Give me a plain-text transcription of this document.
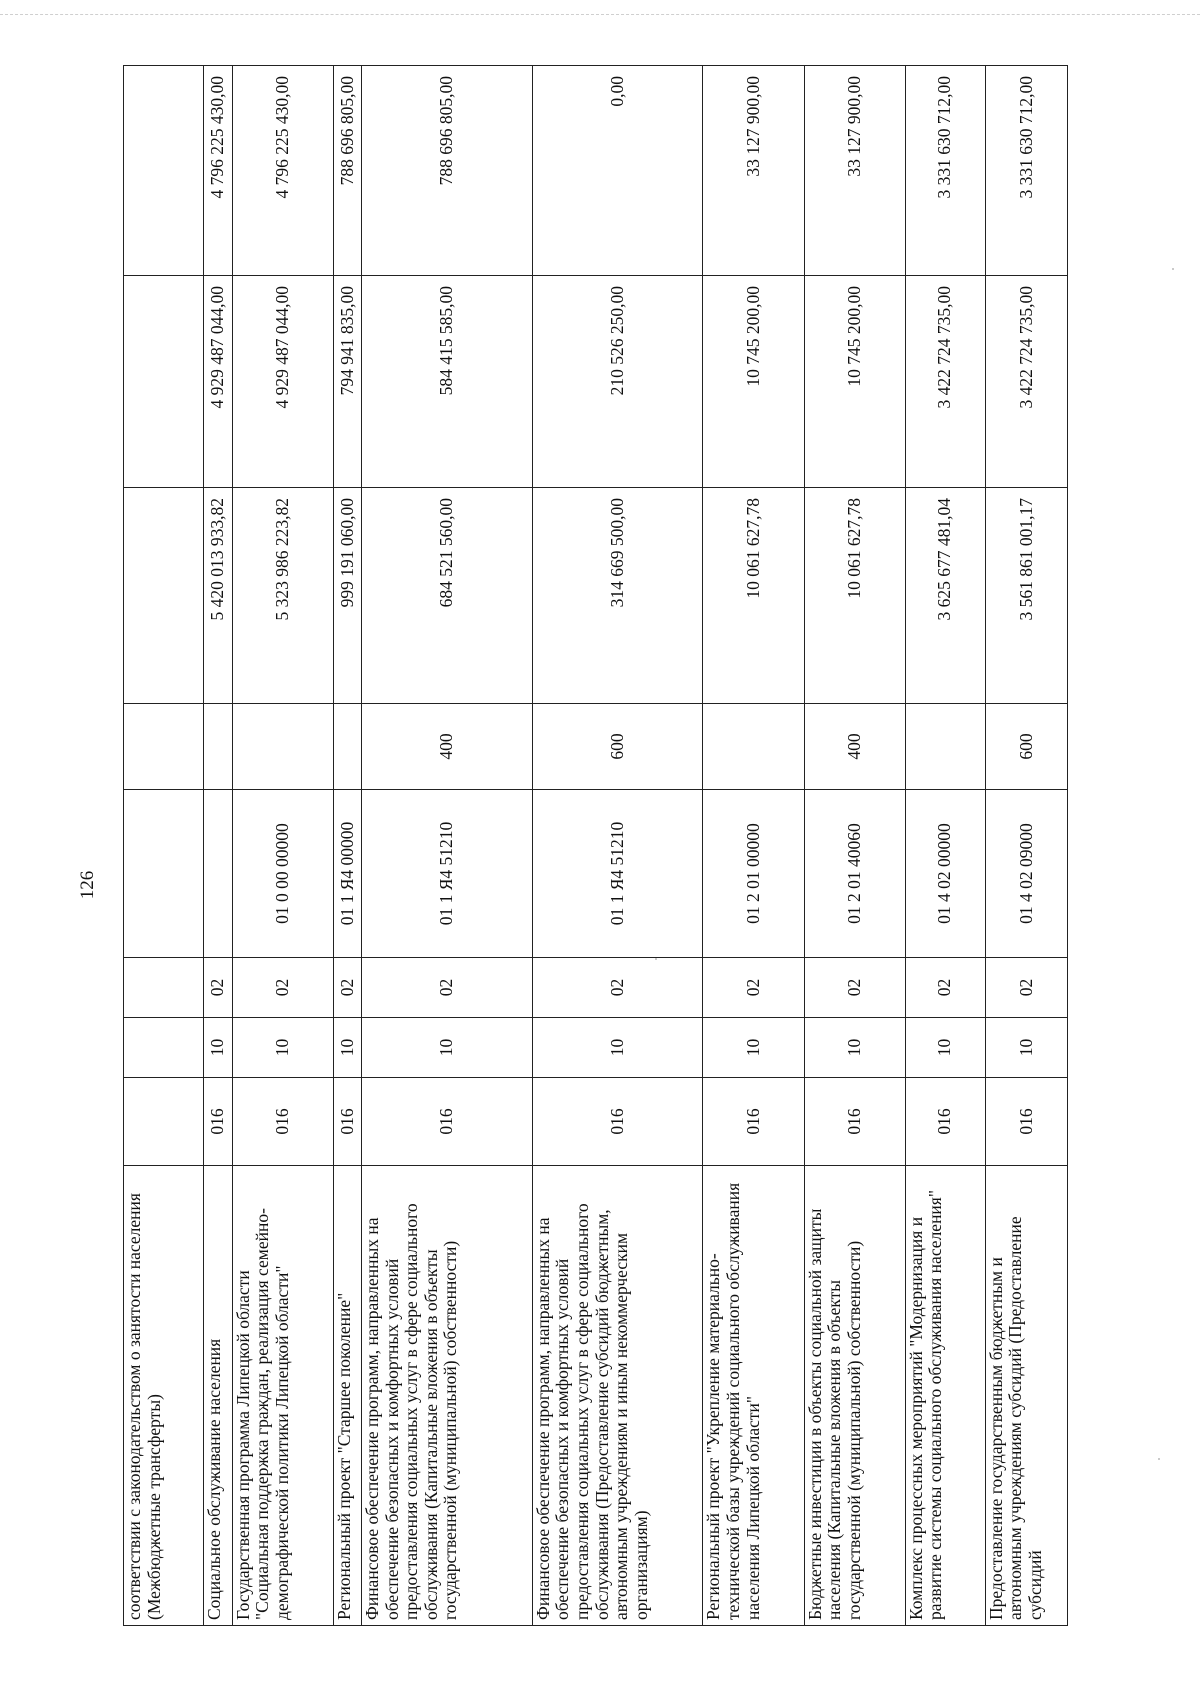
126
соответствии с законодательством о занятости населения (Межбюджетные трансферты)								
Социальное обслуживание населения	016	10	02			5 420 013 933,82	4 929 487 044,00	4 796 225 430,00
Государственная программа Липецкой области "Социальная поддержка граждан, реализация семейно-демографической политики Липецкой области"	016	10	02	01 0 00 00000		5 323 986 223,82	4 929 487 044,00	4 796 225 430,00
Региональный проект "Старшее поколение"	016	10	02	01 1 Я4 00000		999 191 060,00	794 941 835,00	788 696 805,00
Финансовое обеспечение программ, направленных на обеспечение безопасных и комфортных условий предоставления социальных услуг в сфере социального обслуживания (Капитальные вложения в объекты государственной (муниципальной) собственности)	016	10	02	01 1 Я4 51210	400	684 521 560,00	584 415 585,00	788 696 805,00
Финансовое обеспечение программ, направленных на обеспечение безопасных и комфортных условий предоставления социальных услуг в сфере социального обслуживания (Предоставление субсидий бюджетным, автономным учреждениям и иным некоммерческим организациям)	016	10	02	01 1 Я4 51210	600	314 669 500,00	210 526 250,00	0,00
Региональный проект "Укрепление материально-технической базы учреждений социального обслуживания населения Липецкой области"	016	10	02	01 2 01 00000		10 061 627,78	10 745 200,00	33 127 900,00
Бюджетные инвестиции в объекты социальной защиты населения (Капитальные вложения в объекты государственной (муниципальной) собственности)	016	10	02	01 2 01 40060	400	10 061 627,78	10 745 200,00	33 127 900,00
Комплекс процессных мероприятий "Модернизация и развитие системы социального обслуживания населения"	016	10	02	01 4 02 00000		3 625 677 481,04	3 422 724 735,00	3 331 630 712,00
Предоставление государственным бюджетным и автономным учреждениям субсидий (Предоставление субсидий	016	10	02	01 4 02 09000	600	3 561 861 001,17	3 422 724 735,00	3 331 630 712,00
